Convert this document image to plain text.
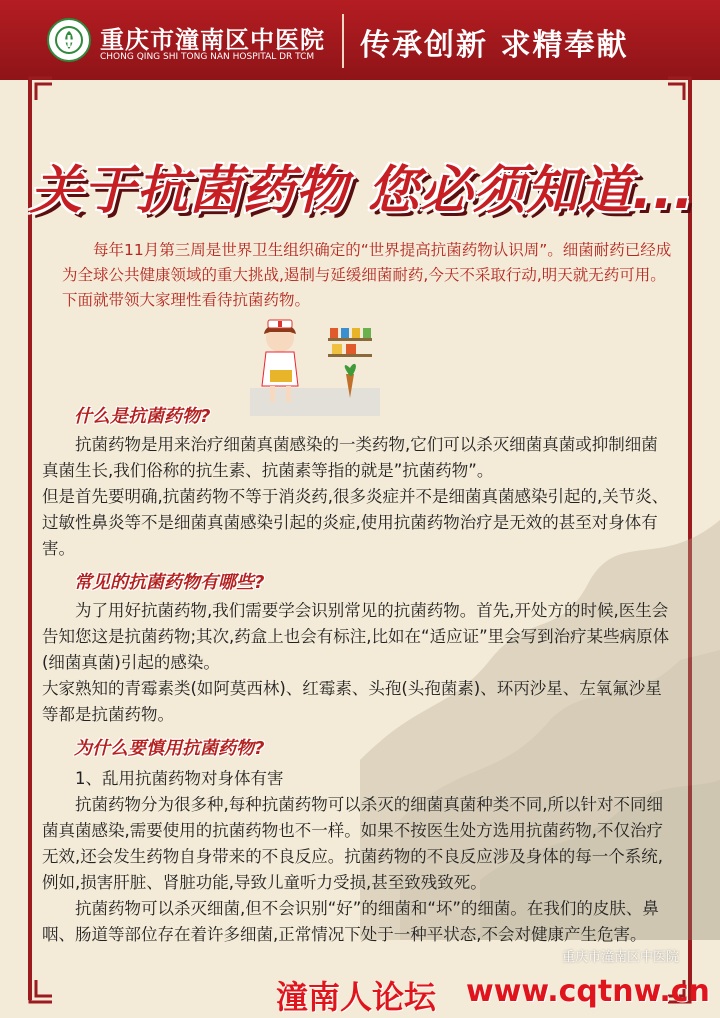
重庆市潼南区中医院
CHONG QING SHI TONG NAN HOSPITAL DR TCM 传承创新 求精奉献
关于抗菌药物 您必须知道...
每年11月第三周是世界卫生组织确定的“世界提高抗菌药物认识周”。细菌耐药已经成为全球公共健康领域的重大挑战,遏制与延缓细菌耐药,今天不采取行动,明天就无药可用。下面就带领大家理性看待抗菌药物。
什么是抗菌药物?

抗菌药物是用来治疗细菌真菌感染的一类药物,它们可以杀灭细菌真菌或抑制细菌真菌生长,我们俗称的抗生素、抗菌素等指的就是”抗菌药物”。

但是首先要明确,抗菌药物不等于消炎药,很多炎症并不是细菌真菌感染引起的,关节炎、过敏性鼻炎等不是细菌真菌感染引起的炎症,使用抗菌药物治疗是无效的甚至对身体有害。

常见的抗菌药物有哪些?

为了用好抗菌药物,我们需要学会识别常见的抗菌药物。首先,开处方的时候,医生会告知您这是抗菌药物;其次,药盒上也会有标注,比如在“适应证”里会写到治疗某些病原体(细菌真菌)引起的感染。

大家熟知的青霉素类(如阿莫西林)、红霉素、头孢(头孢菌素)、环丙沙星、左氧氟沙星等都是抗菌药物。

为什么要慎用抗菌药物?

1、乱用抗菌药物对身体有害

抗菌药物分为很多种,每种抗菌药物可以杀灭的细菌真菌种类不同,所以针对不同细菌真菌感染,需要使用的抗菌药物也不一样。如果不按医生处方选用抗菌药物,不仅治疗无效,还会发生药物自身带来的不良反应。抗菌药物的不良反应涉及身体的每一个系统,例如,损害肝脏、肾脏功能,导致儿童听力受损,甚至致残致死。

抗菌药物可以杀灭细菌,但不会识别“好”的细菌和“坏”的细菌。在我们的皮肤、鼻咽、肠道等部位存在着许多细菌,正常情况下处于一种平状态,不会对健康产生危害。

重庆市潼南区中医院
潼南人论坛 www.cqtnw.cn
